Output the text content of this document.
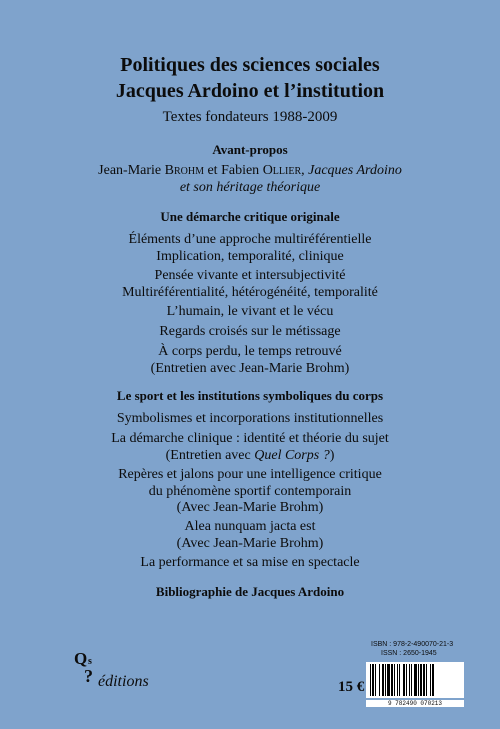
Politiques des sciences sociales
Jacques Ardoino et l’institution
Textes fondateurs 1988-2009
Avant-propos
Jean-Marie Brohm et Fabien Ollier, Jacques Ardoino
et son héritage théorique
Une démarche critique originale
Éléments d’une approche multiréférentielle
Implication, temporalité, clinique
Pensée vivante et intersubjectivité
Multiréférentialité, hétérogénéité, temporalité
L’humain, le vivant et le vécu
Regards croisés sur le métissage
À corps perdu, le temps retrouvé
(Entretien avec Jean-Marie Brohm)
Le sport et les institutions symboliques du corps
Symbolismes et incorporations institutionnelles
La démarche clinique : identité et théorie du sujet
(Entretien avec Quel Corps ?)
Repères et jalons pour une intelligence critique
du phénomène sportif contemporain
(Avec Jean-Marie Brohm)
Alea nunquam jacta est
(Avec Jean-Marie Brohm)
La performance et sa mise en spectacle
Bibliographie de Jacques Ardoino
Q s
? éditions
ISBN : 978-2-490070-21-3
ISSN : 2650-1945
15 €
9 782490 070213
